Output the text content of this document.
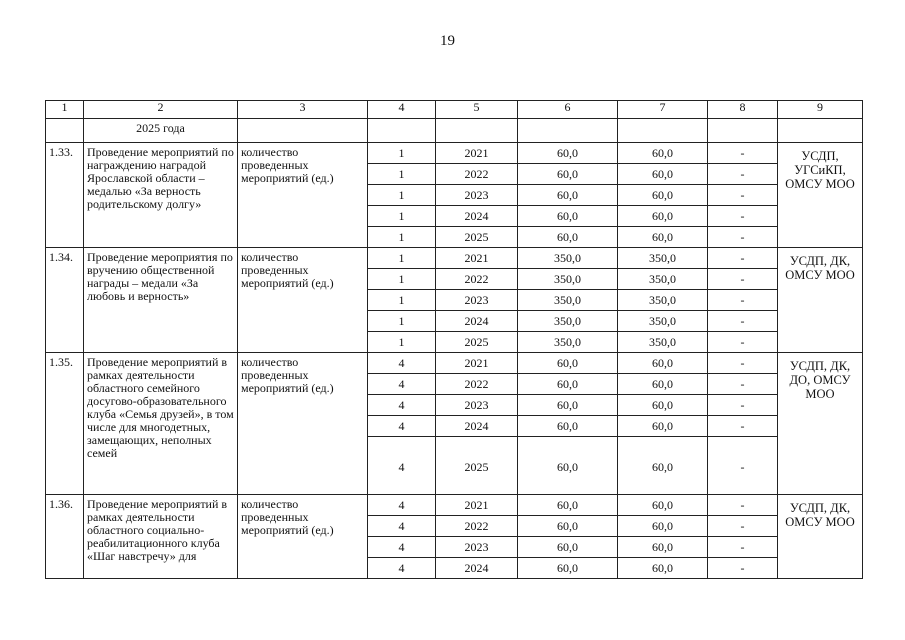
19
1	2	3	4	5	6	7	8	9
	2025 года							
1.33.	Проведение мероприятий по награждению наградой Ярославской области – медалью «За верность родительскому долгу»	количество проведенных мероприятий (ед.)	1	2021	60,0	60,0	-	УСДП, УГСиКП, ОМСУ МОО
			1	2022	60,0	60,0	-	
			1	2023	60,0	60,0	-	
			1	2024	60,0	60,0	-	
			1	2025	60,0	60,0	-	
1.34.	Проведение мероприятия по вручению общественной награды – медали «За любовь и верность»	количество проведенных мероприятий (ед.)	1	2021	350,0	350,0	-	УСДП, ДК, ОМСУ МОО
			1	2022	350,0	350,0	-	
			1	2023	350,0	350,0	-	
			1	2024	350,0	350,0	-	
			1	2025	350,0	350,0	-	
1.35.	Проведение мероприятий в рамках деятельности областного семейного досугово-образовательного клуба «Семья друзей», в том числе для многодетных, замещающих, неполных семей	количество проведенных мероприятий (ед.)	4	2021	60,0	60,0	-	УСДП, ДК, ДО, ОМСУ МОО
			4	2022	60,0	60,0	-	
			4	2023	60,0	60,0	-	
			4	2024	60,0	60,0	-	
			4	2025	60,0	60,0	-	
1.36.	Проведение мероприятий в рамках деятельности областного социально-реабилитационного клуба «Шаг навстречу» для	количество проведенных мероприятий (ед.)	4	2021	60,0	60,0	-	УСДП, ДК, ОМСУ МОО
			4	2022	60,0	60,0	-	
			4	2023	60,0	60,0	-	
			4	2024	60,0	60,0	-	
